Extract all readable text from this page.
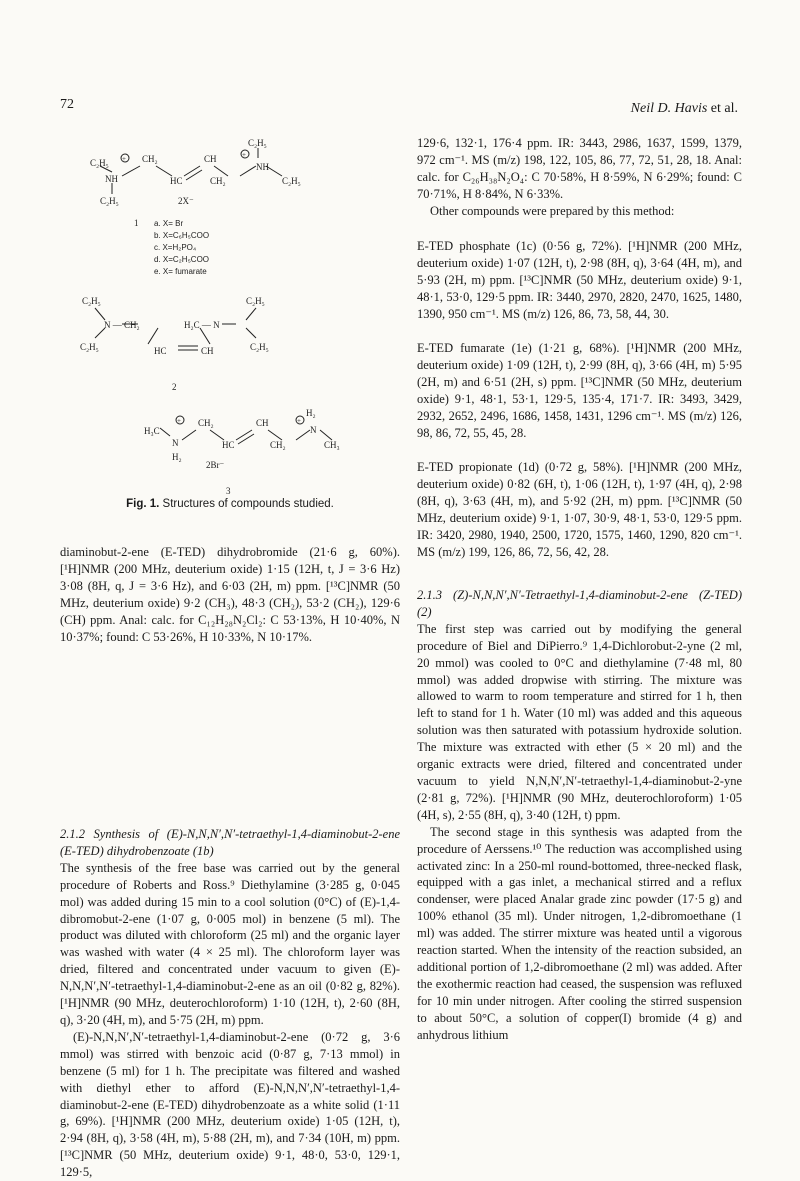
72	Neil D. Havis et al.
C₂H₅ + CH₂	CH	+
C₂H₅
NH	HC	CH₂
NH
C₂H₅
C₂H₅	2X⁻
1 a. X= Br
b. X=C₆H₅COO
c. X=H₂PO₄
d. X=C₂H₅COO
e. X= fumarate
C₂H₅
N — CH₂
C₂H₅	HC	CH
H₂C — N
C₂H₅
C₂H₅
2
H₃C
+ CH₂	CH	+
H₂
N	HC	CH₂
N
CH₃
H₂
2Br⁻
3
Fig. 1. Structures of compounds studied.

diaminobut-2-ene (E-TED) dihydrobromide (21·6 g, 60%). [¹H]NMR (200 MHz, deuterium oxide) 1·15 (12H, t, J = 3·6 Hz) 3·08 (8H, q, J = 3·6 Hz), and 6·03 (2H, m) ppm. [¹³C]NMR (50 MHz, deuterium oxide) 9·2 (CH₃), 48·3 (CH₂), 53·2 (CH₂), 129·6 (CH) ppm. Anal: calc. for C₁₂H₂₈N₂Cl₂: C 53·13%, H 10·40%, N 10·37%; found: C 53·26%, H 10·33%, N 10·17%.

2.1.2 Synthesis of (E)-N,N,N′,N′-tetraethyl-1,4-diaminobut-2-ene (E-TED) dihydrobenzoate (1b)

The synthesis of the free base was carried out by the general procedure of Roberts and Ross.⁹ Diethylamine (3·285 g, 0·045 mol) was added during 15 min to a cool solution (0°C) of (E)-1,4-dibromobut-2-ene (1·07 g, 0·005 mol) in benzene (5 ml). The product was diluted with chloroform (25 ml) and the organic layer was washed with water (4 × 25 ml). The chloroform layer was dried, filtered and concentrated under vacuum to given (E)-N,N,N′,N′-tetraethyl-1,4-diaminobut-2-ene as an oil (0·82 g, 82%). [¹H]NMR (90 MHz, deuterochloroform) 1·10 (12H, t), 2·60 (8H, q), 3·20 (4H, m), and 5·75 (2H, m) ppm.

(E)-N,N,N′,N′-tetraethyl-1,4-diaminobut-2-ene (0·72 g, 3·6 mmol) was stirred with benzoic acid (0·87 g, 7·13 mmol) in benzene (5 ml) for 1 h. The precipitate was filtered and washed with diethyl ether to afford (E)-N,N,N′,N′-tetraethyl-1,4-diaminobut-2-ene (E-TED) dihydrobenzoate as a white solid (1·11 g, 69%). [¹H]NMR (200 MHz, deuterium oxide) 1·05 (12H, t), 2·94 (8H, q), 3·58 (4H, m), 5·88 (2H, m), and 7·34 (10H, m) ppm. [¹³C]NMR (50 MHz, deuterium oxide) 9·1, 48·0, 53·0, 129·1, 129·5,

129·6, 132·1, 176·4 ppm. IR: 3443, 2986, 1637, 1599, 1379, 972 cm⁻¹. MS (m/z) 198, 122, 105, 86, 77, 72, 51, 28, 18. Anal: calc. for C₂₆H₃₈N₂O₄: C 70·58%, H 8·59%, N 6·29%; found: C 70·71%, H 8·84%, N 6·33%.

Other compounds were prepared by this method:

E-TED phosphate (1c) (0·56 g, 72%). [¹H]NMR (200 MHz, deuterium oxide) 1·07 (12H, t), 2·98 (8H, q), 3·64 (4H, m), and 5·93 (2H, m) ppm. [¹³C]NMR (50 MHz, deuterium oxide) 9·1, 48·1, 53·0, 129·5 ppm. IR: 3440, 2970, 2820, 2470, 1625, 1480, 1390, 950 cm⁻¹. MS (m/z) 126, 86, 73, 58, 44, 30.

E-TED fumarate (1e) (1·21 g, 68%). [¹H]NMR (200 MHz, deuterium oxide) 1·09 (12H, t), 2·99 (8H, q), 3·66 (4H, m) 5·95 (2H, m) and 6·51 (2H, s) ppm. [¹³C]NMR (50 MHz, deuterium oxide) 9·1, 48·1, 53·1, 129·5, 135·4, 171·7. IR: 3493, 3429, 2932, 2652, 2496, 1686, 1458, 1431, 1296 cm⁻¹. MS (m/z) 126, 98, 86, 72, 55, 45, 28.

E-TED propionate (1d) (0·72 g, 58%). [¹H]NMR (200 MHz, deuterium oxide) 0·82 (6H, t), 1·06 (12H, t), 1·97 (4H, q), 2·98 (8H, q), 3·63 (4H, m), and 5·92 (2H, m) ppm. [¹³C]NMR (50 MHz, deuterium oxide) 9·1, 1·07, 30·9, 48·1, 53·0, 129·5 ppm. IR: 3420, 2980, 1940, 2500, 1720, 1575, 1460, 1290, 820 cm⁻¹. MS (m/z) 199, 126, 86, 72, 56, 42, 28.

2.1.3 (Z)-N,N,N′,N′-Tetraethyl-1,4-diaminobut-2-ene (Z-TED) (2)

The first step was carried out by modifying the general procedure of Biel and DiPierro.⁹ 1,4-Dichlorobut-2-yne (2 ml, 20 mmol) was cooled to 0°C and diethylamine (7·48 ml, 80 mmol) was added dropwise with stirring. The mixture was allowed to warm to room temperature and stirred for 1 h, then left to stand for 1 h. Water (10 ml) was added and this aqueous solution was then saturated with potassium hydroxide solution. The mixture was extracted with ether (5 × 20 ml) and the organic extracts were dried, filtered and concentrated under vacuum to yield N,N,N′,N′-tetraethyl-1,4-diaminobut-2-yne (2·81 g, 72%). [¹H]NMR (90 MHz, deuterochloroform) 1·05 (4H, s), 2·55 (8H, q), 3·40 (12H, t) ppm.

The second stage in this synthesis was adapted from the procedure of Aerssens.¹⁰ The reduction was accomplished using activated zinc: In a 250-ml round-bottomed, three-necked flask, equipped with a gas inlet, a mechanical stirred and a reflux condenser, were placed Analar grade zinc powder (17·5 g) and 100% ethanol (35 ml). Under nitrogen, 1,2-dibromoethane (1 ml) was added. The stirrer mixture was heated until a vigorous reaction started. When the intensity of the reaction subsided, an additional portion of 1,2-dibromoethane (2 ml) was added. After the exothermic reaction had ceased, the suspension was refluxed for 10 min under nitrogen. After cooling the stirred suspension to about 50°C, a solution of copper(I) bromide (4 g) and anhydrous lithium
